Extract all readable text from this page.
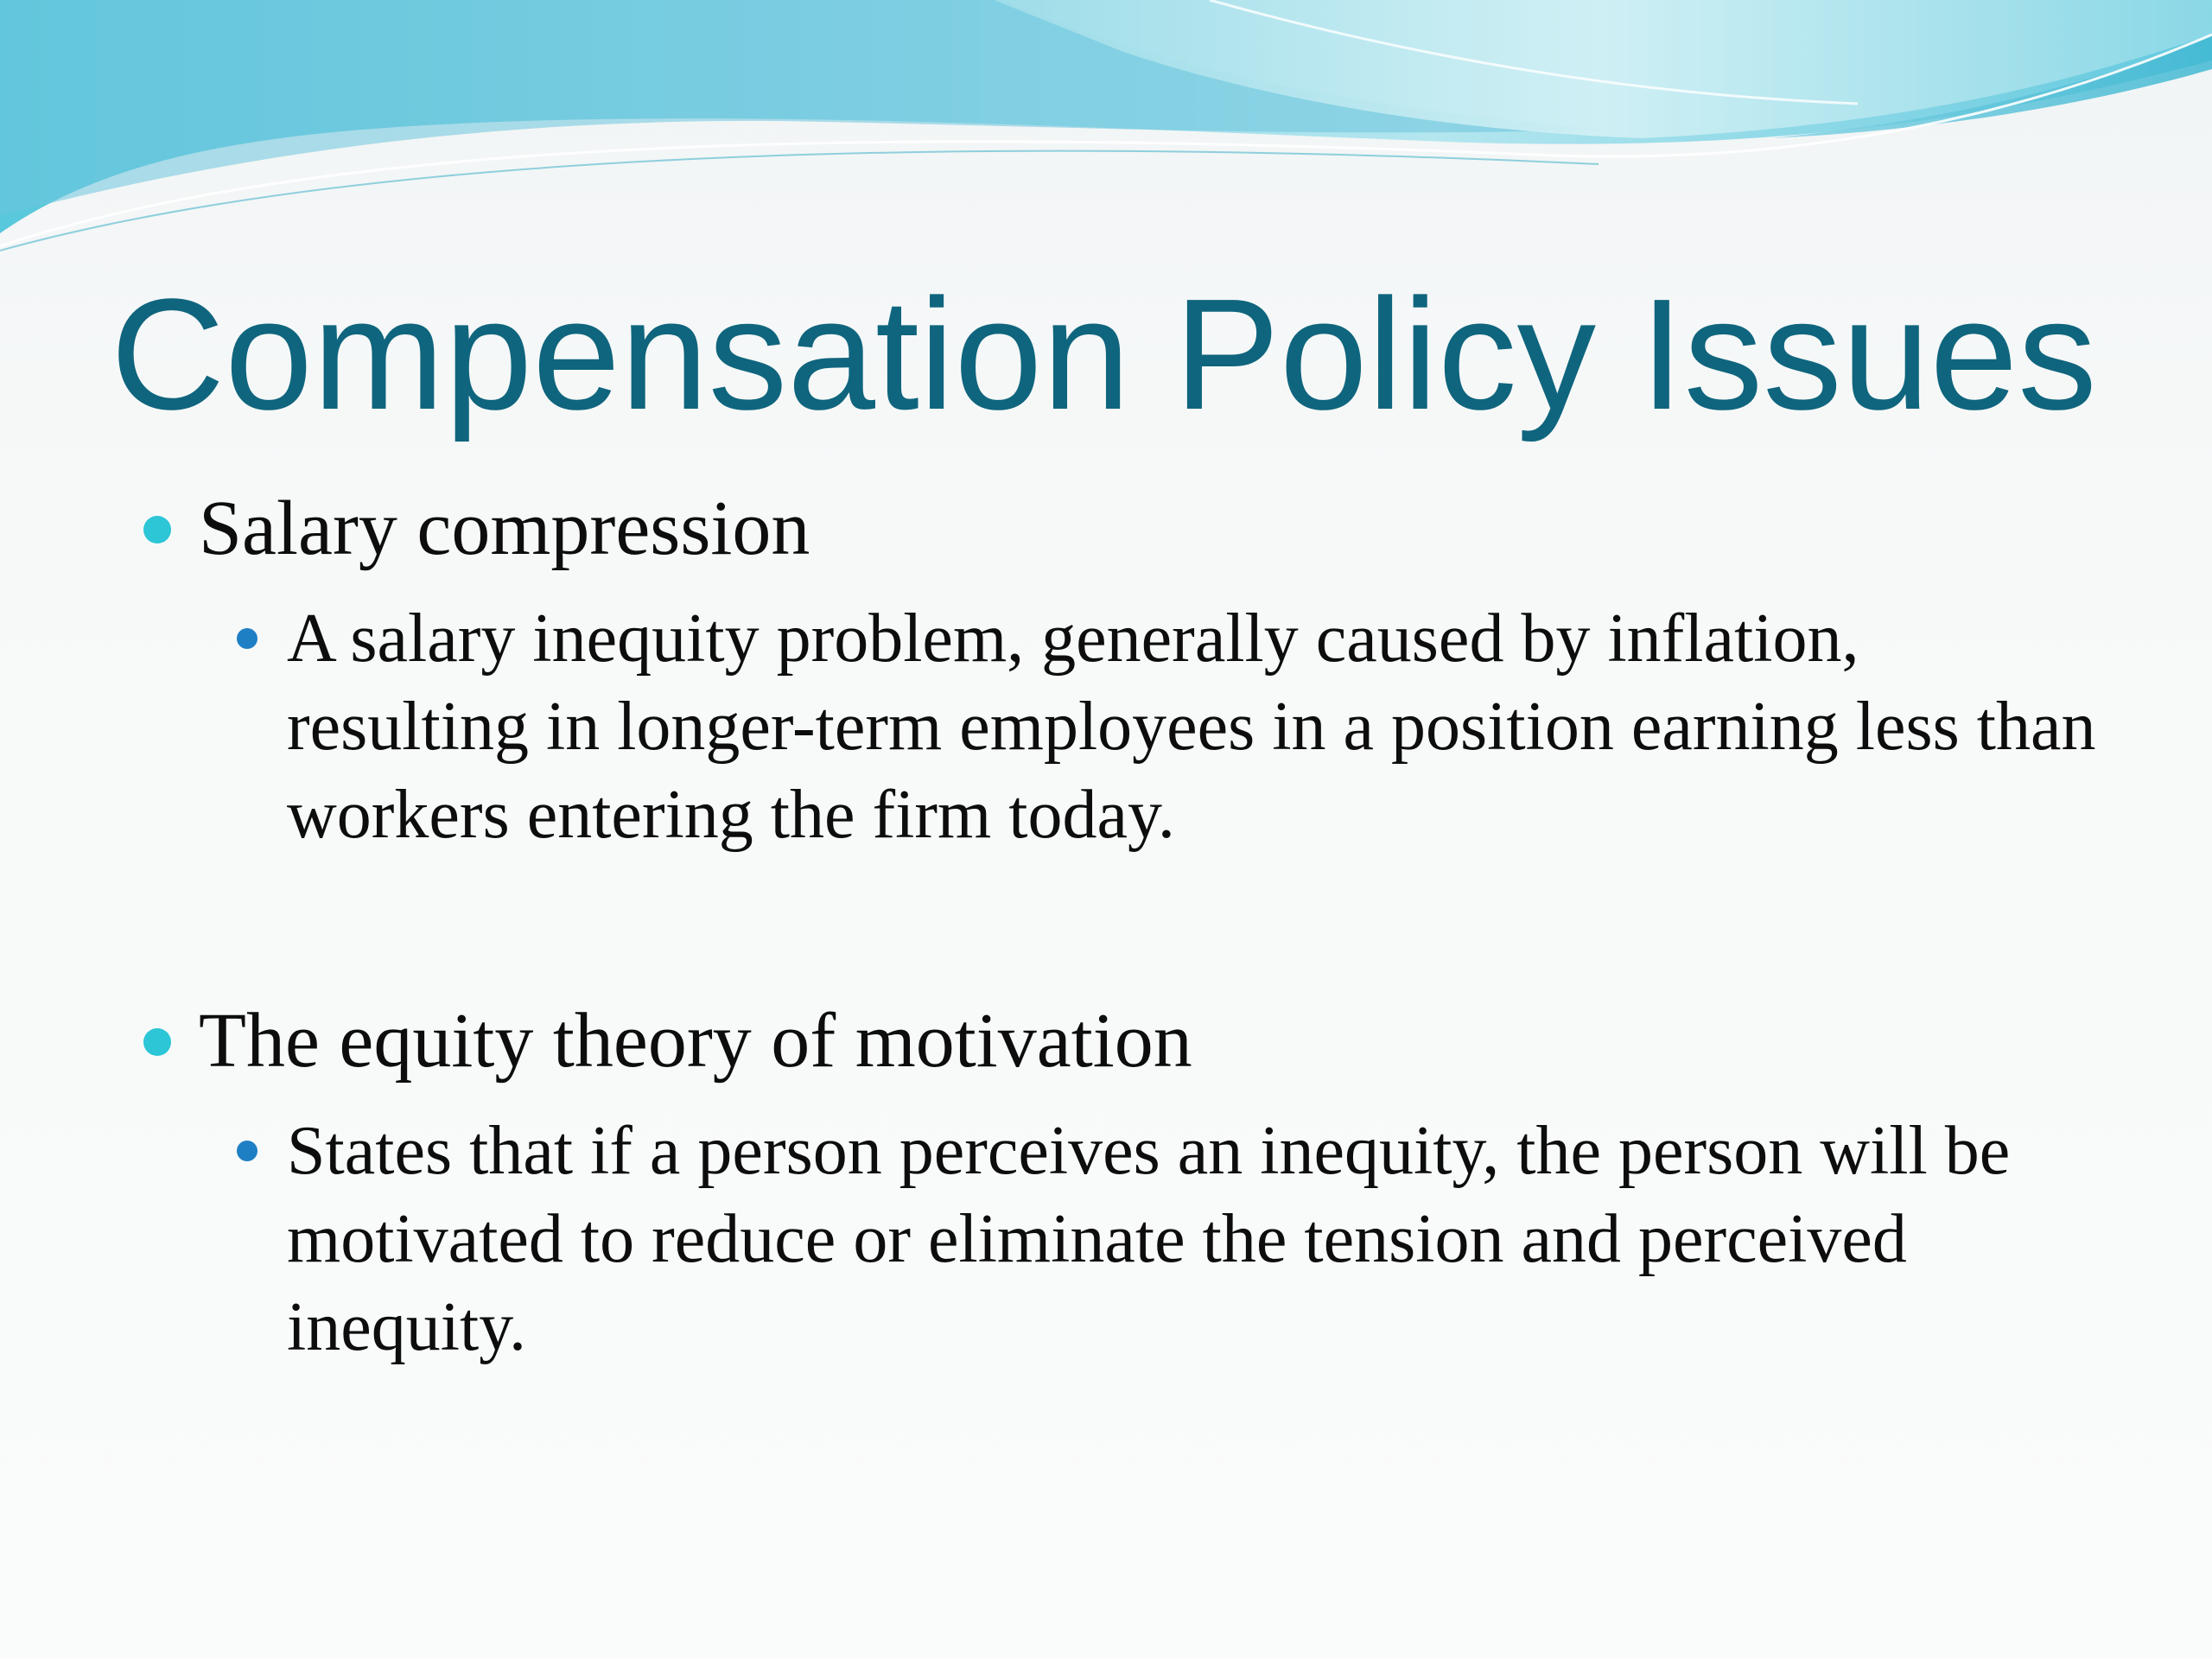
Compensation Policy Issues
Salary compression
A salary inequity problem, generally caused by inflation, resulting in longer-term employees in a position earning less than workers entering the firm today.
The equity theory of motivation
States that if a person perceives an inequity, the person will be motivated to reduce or eliminate the tension and perceived inequity.
